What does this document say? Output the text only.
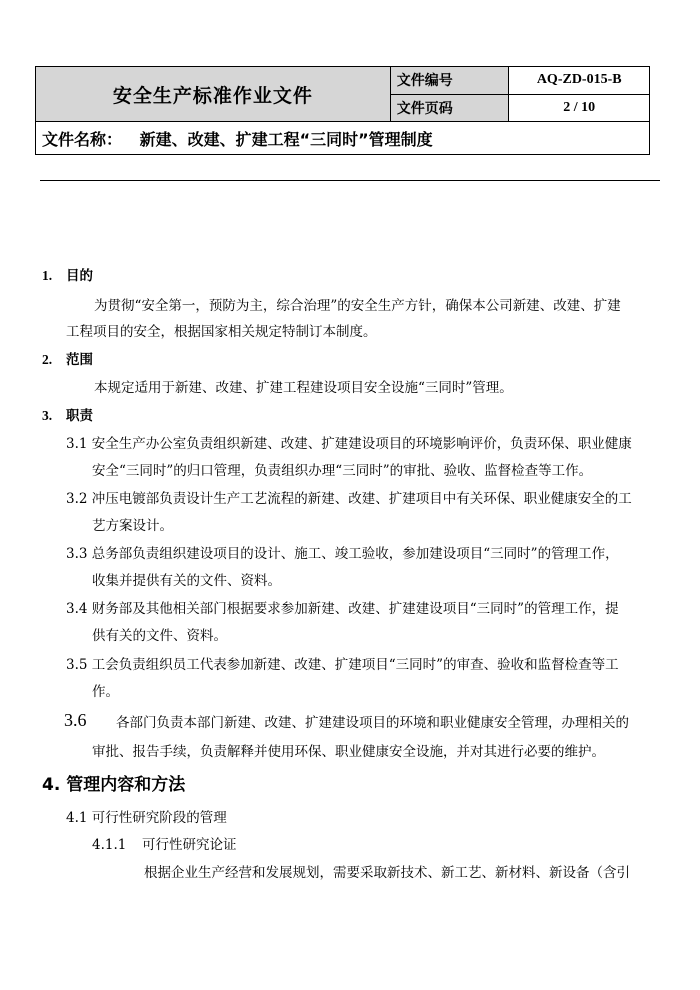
安全生产标准作业文件	文件编号	AQ-ZD-015-B
	文件页码	2 / 10
文件名称： 新建、改建、扩建工程“三同时”管理制度		
1. 目的
为贯彻“安全第一，预防为主，综合治理”的安全生产方针，确保本公司新建、改建、扩建
工程项目的安全，根据国家相关规定特制订本制度。
2. 范围
本规定适用于新建、改建、扩建工程建设项目安全设施“三同时”管理。
3. 职责
3.1 安全生产办公室负责组织新建、改建、扩建建设项目的环境影响评价，负责环保、职业健康
安全“三同时”的归口管理，负责组织办理“三同时”的审批、验收、监督检查等工作。
3.2 冲压电镀部负责设计生产工艺流程的新建、改建、扩建项目中有关环保、职业健康安全的工
艺方案设计。
3.3 总务部负责组织建设项目的设计、施工、竣工验收，参加建设项目“三同时”的管理工作，
收集并提供有关的文件、资料。
3.4 财务部及其他相关部门根据要求参加新建、改建、扩建建设项目“三同时”的管理工作，提
供有关的文件、资料。
3.5 工会负责组织员工代表参加新建、改建、扩建项目“三同时”的审查、验收和监督检查等工
作。
3.6 各部门负责本部门新建、改建、扩建建设项目的环境和职业健康安全管理，办理相关的
审批、报告手续，负责解释并使用环保、职业健康安全设施，并对其进行必要的维护。
4. 管理内容和方法
4.1 可行性研究阶段的管理
4.1.1 可行性研究论证
根据企业生产经营和发展规划，需要采取新技术、新工艺、新材料、新设备（含引
